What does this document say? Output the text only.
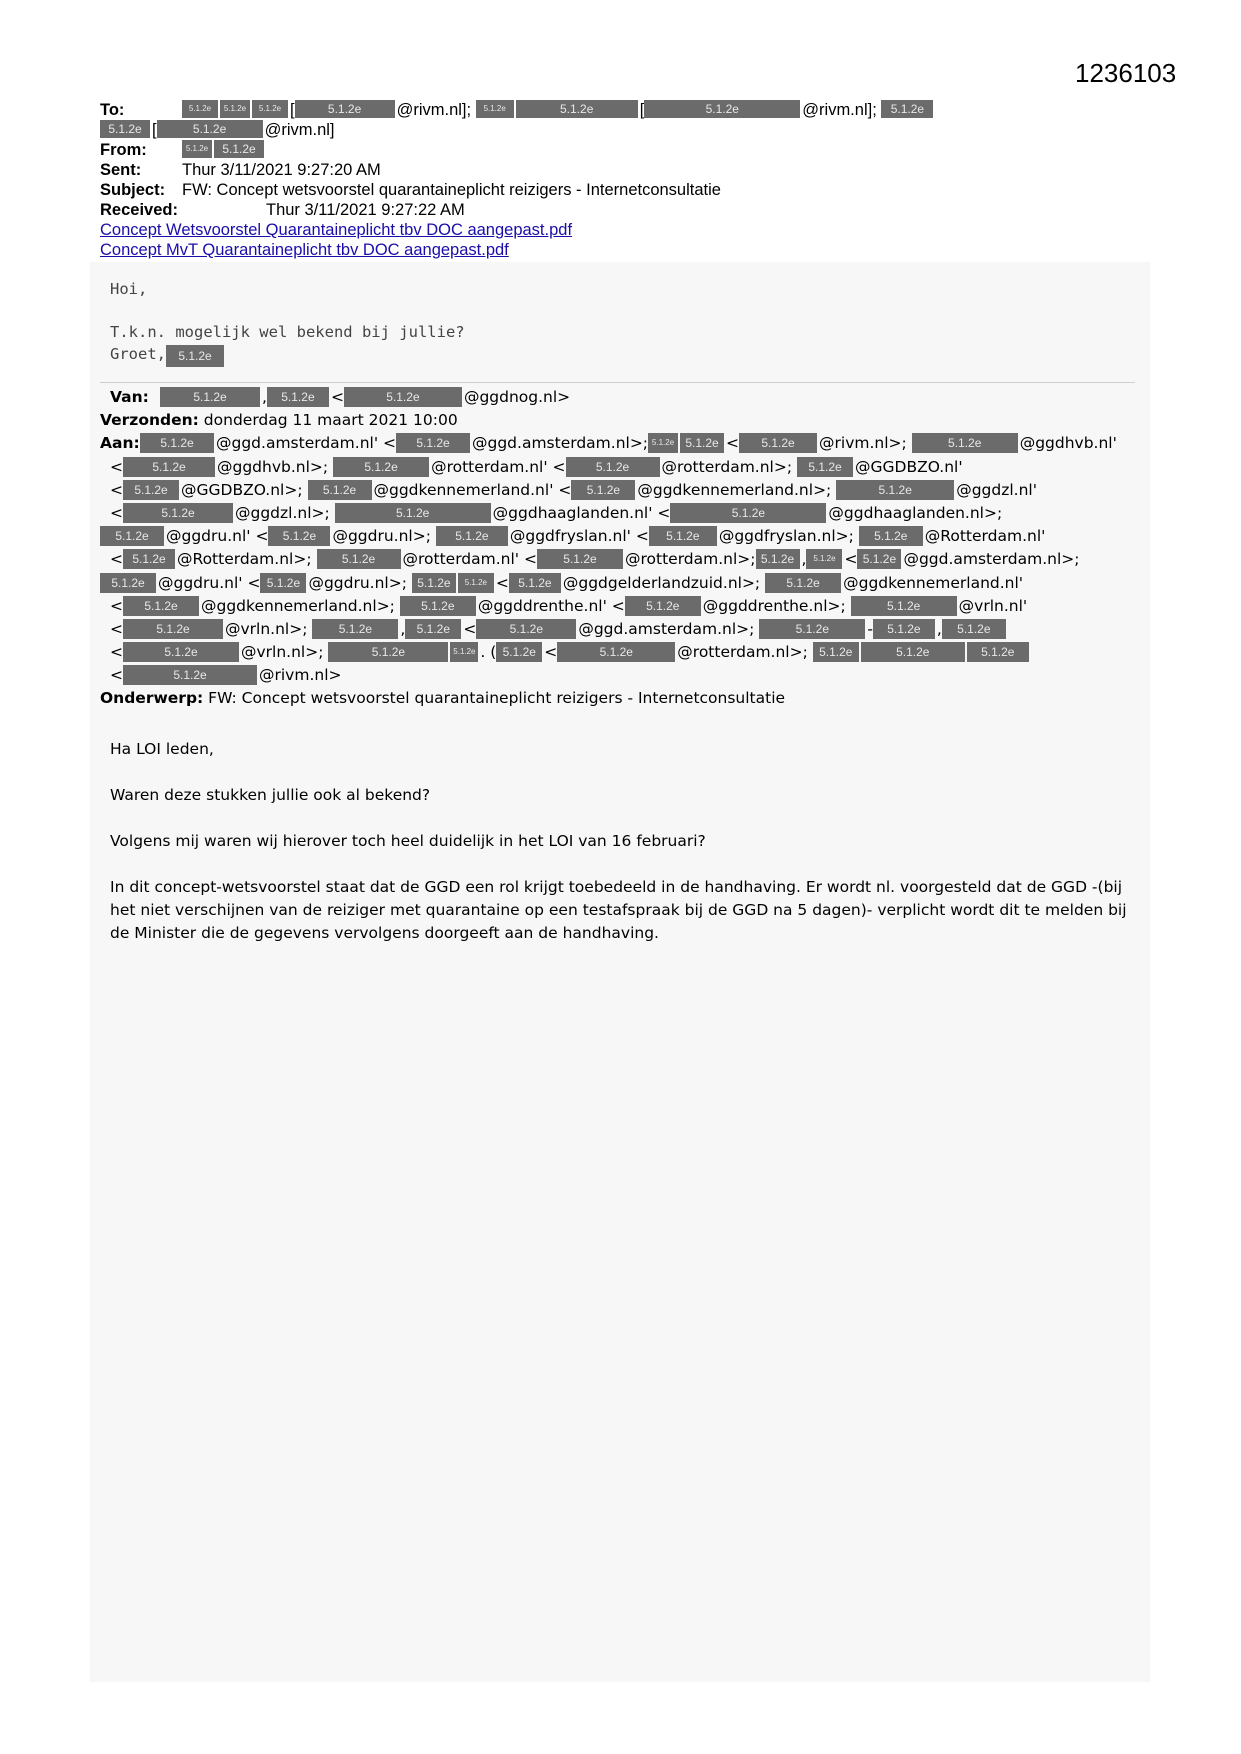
1236103
To:	5.1.2e 5.1.2e 5.1.2e [	5.1.2e @rivm.nl]; 5.1.2e	5.1.2e	[	5.1.2e	@rivm.nl]; 5.1.2e
5.1.2e [	5.1.2e @rivm.nl]
From:	5.1.2e 5.1.2e
Sent: Thur 3/11/2021 9:27:20 AM
Subject: FW: Concept wetsvoorstel quarantaineplicht reizigers - Internetconsultatie
Received:	Thur 3/11/2021 9:27:22 AM
Concept Wetsvoorstel Quarantaineplicht tbv DOC aangepast.pdf
Concept MvT Quarantaineplicht tbv DOC aangepast.pdf
Hoi,
T.k.n. mogelijk wel bekend bij jullie?
Groet, 5.1.2e
Van:	5.1.2e , 5.1.2e <	5.1.2e	@ggdnog.nl>
Verzonden: donderdag 11 maart 2021 10:00
Aan: 5.1.2e @ggd.amsterdam.nl' < 5.1.2e @ggd.amsterdam.nl>; 5.1.2e 5.1.2e < 5.1.2e @rivm.nl>;	5.1.2e @ggdhvb.nl'
< 5.1.2e @ggdhvb.nl>;	5.1.2e @rotterdam.nl' <	5.1.2e @rotterdam.nl>; 5.1.2e @GGDBZO.nl'
< 5.1.2e @GGDBZO.nl>; 5.1.2e @ggdkennemerland.nl' < 5.1.2e @ggdkennemerland.nl>;	5.1.2e	@ggdzl.nl'
<	5.1.2e	@ggdzl.nl>;	5.1.2e	@ggdhaaglanden.nl' <	5.1.2e	@ggdhaaglanden.nl>;
5.1.2e @ggdru.nl' < 5.1.2e @ggdru.nl>; 5.1.2e @ggdfryslan.nl' < 5.1.2e @ggdfryslan.nl>; 5.1.2e @Rotterdam.nl'
< 5.1.2e @Rotterdam.nl>;	5.1.2e @rotterdam.nl' < 5.1.2e @rotterdam.nl>; 5.1.2e , 5.1.2e < 5.1.2e @ggd.amsterdam.nl>;
5.1.2e @ggdru.nl' < 5.1.2e @ggdru.nl>; 5.1.2e 5.1.2e < 5.1.2e @ggdgelderlandzuid.nl>; 5.1.2e @ggdkennemerland.nl'
< 5.1.2e @ggdkennemerland.nl>; 5.1.2e @ggddrenthe.nl' < 5.1.2e @ggddrenthe.nl>;	5.1.2e @vrln.nl'
<	5.1.2e @vrln.nl>;	5.1.2e , 5.1.2e <	5.1.2e @ggd.amsterdam.nl>;	5.1.2e - 5.1.2e , 5.1.2e
<	5.1.2e	@vrln.nl>;	5.1.2e	5.1.2e . ( 5.1.2e <	5.1.2e	@rotterdam.nl>; 5.1.2e	5.1.2e	5.1.2e
<	5.1.2e	@rivm.nl>
Onderwerp: FW: Concept wetsvoorstel quarantaineplicht reizigers - Internetconsultatie
Ha LOI leden,
Waren deze stukken jullie ook al bekend?
Volgens mij waren wij hierover toch heel duidelijk in het LOI van 16 februari?
In dit concept-wetsvoorstel staat dat de GGD een rol krijgt toebedeeld in de handhaving. Er wordt nl. voorgesteld dat de GGD -(bij het niet verschijnen van de reiziger met quarantaine op een testafspraak bij de GGD na 5 dagen)- verplicht wordt dit te melden bij de Minister die de gegevens vervolgens doorgeeft aan de handhaving.
